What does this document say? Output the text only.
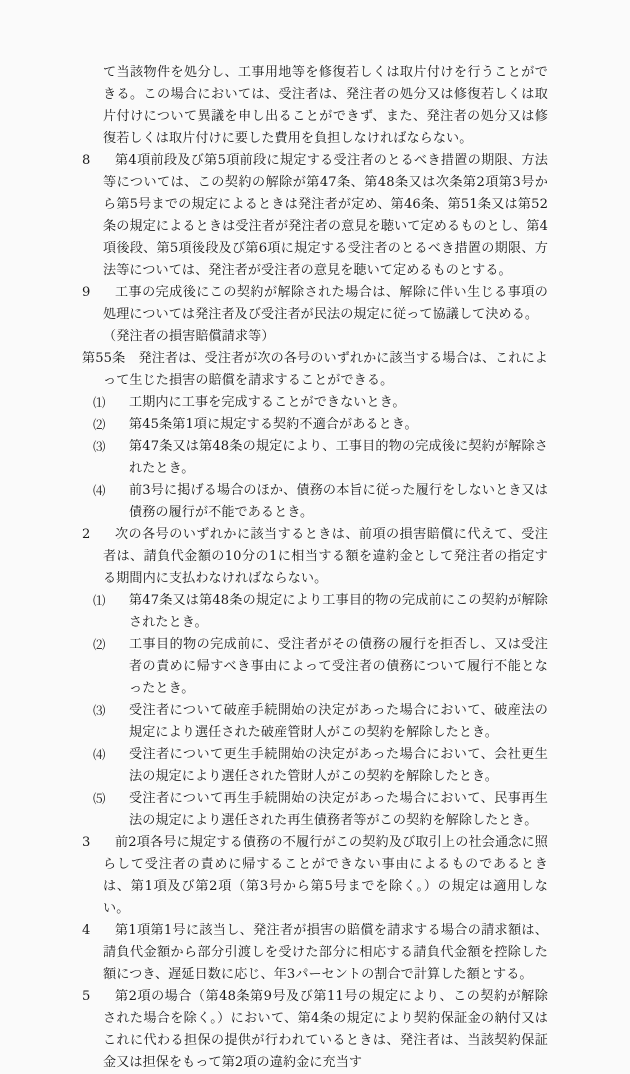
て当該物件を処分し、工事用地等を修復若しくは取片付けを行うことができる。この場合においては、受注者は、発注者の処分又は修復若しくは取片付けについて異議を申し出ることができず、また、発注者の処分又は修復若しくは取片付けに要した費用を負担しなければならない。

8	第4項前段及び第5項前段に規定する受注者のとるべき措置の期限、方法等については、この契約の解除が第47条、第48条又は次条第2項第3号から第5号までの規定によるときは発注者が定め、第46条、第51条又は第52条の規定によるときは受注者が発注者の意見を聴いて定めるものとし、第4項後段、第5項後段及び第6項に規定する受注者のとるべき措置の期限、方法等については、発注者が受注者の意見を聴いて定めるものとする。

9	工事の完成後にこの契約が解除された場合は、解除に伴い生じる事項の処理については発注者及び受注者が民法の規定に従って協議して決める。

（発注者の損害賠償請求等）

第55条　発注者は、受注者が次の各号のいずれかに該当する場合は、これによって生じた損害の賠償を請求することができる。

⑴	工期内に工事を完成することができないとき。

⑵	第45条第1項に規定する契約不適合があるとき。

⑶	第47条又は第48条の規定により、工事目的物の完成後に契約が解除されたとき。

⑷	前3号に掲げる場合のほか、債務の本旨に従った履行をしないとき又は債務の履行が不能であるとき。

2	次の各号のいずれかに該当するときは、前項の損害賠償に代えて、受注者は、請負代金額の10分の1に相当する額を違約金として発注者の指定する期間内に支払わなければならない。

⑴	第47条又は第48条の規定により工事目的物の完成前にこの契約が解除されたとき。

⑵	工事目的物の完成前に、受注者がその債務の履行を拒否し、又は受注者の責めに帰すべき事由によって受注者の債務について履行不能となったとき。

⑶	受注者について破産手続開始の決定があった場合において、破産法の規定により選任された破産管財人がこの契約を解除したとき。

⑷	受注者について更生手続開始の決定があった場合において、会社更生法の規定により選任された管財人がこの契約を解除したとき。

⑸	受注者について再生手続開始の決定があった場合において、民事再生法の規定により選任された再生債務者等がこの契約を解除したとき。

3	前2項各号に規定する債務の不履行がこの契約及び取引上の社会通念に照らして受注者の責めに帰することができない事由によるものであるときは、第1項及び第2項（第3号から第5号までを除く。）の規定は適用しない。

4	第1項第1号に該当し、発注者が損害の賠償を請求する場合の請求額は、請負代金額から部分引渡しを受けた部分に相応する請負代金額を控除した額につき、遅延日数に応じ、年3パーセントの割合で計算した額とする。

5	第2項の場合（第48条第9号及び第11号の規定により、この契約が解除された場合を除く。）において、第4条の規定により契約保証金の納付又はこれに代わる担保の提供が行われているときは、発注者は、当該契約保証金又は担保をもって第2項の違約金に充当す
